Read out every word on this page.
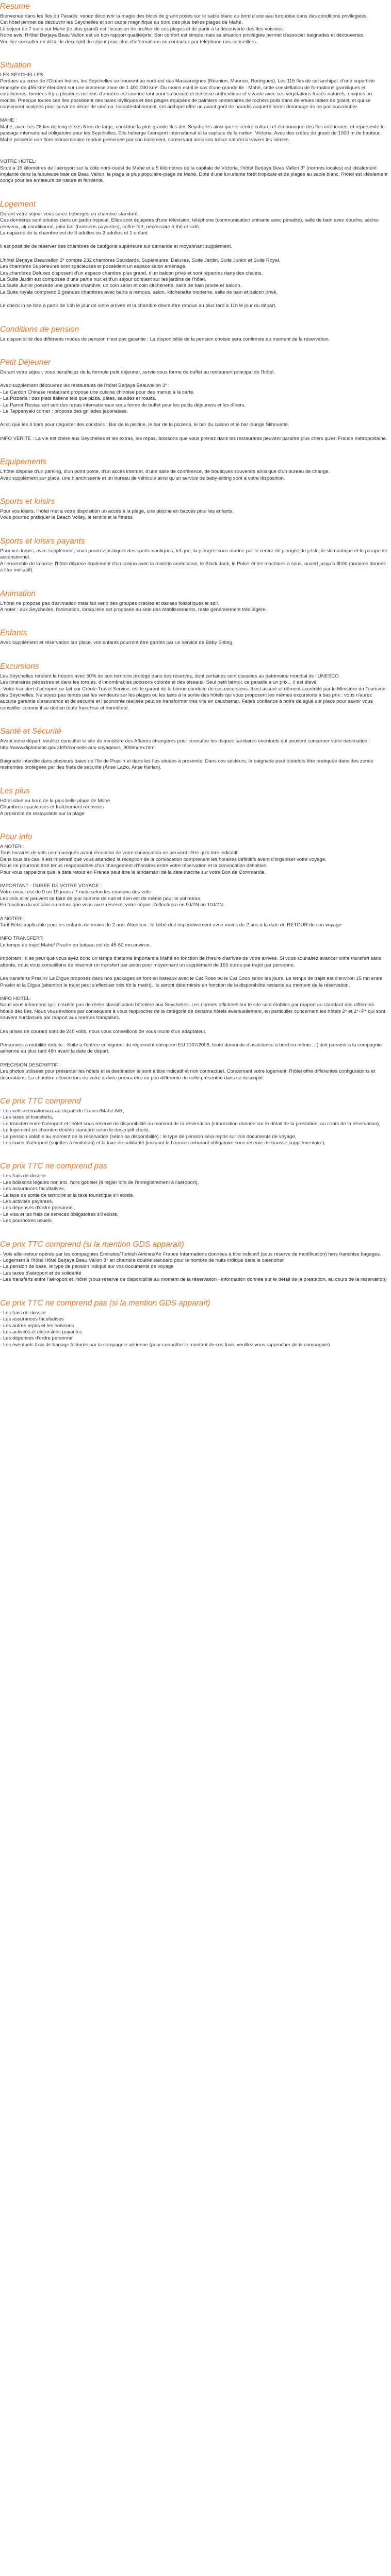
Resume
Bienvenue dans les îles du Paradis: venez découvrir la magie des blocs de granit posés sur le sable blanc au bord d'une eau turquoise dans des conditions privilégiées.
Cet hôtel permet de découvrir les Seychelles et son cadre magnifique au bord des plus belles plages de Mahé.
Le séjour de 7 nuits sur Mahé (le plus grand) est l'occasion de profiter de ces plages et de partir à la découverte des îles voisines.
Notre avis: l'Hôtel Berjaya Beau Vallon est un bon rapport qualité/prix. Son confort est simple mais sa situation privilégiée permet d'associer baignades et découvertes.
Veuillez consulter en détail le descriptif du séjour pour plus d'informations ou contactez par téléphone nos conseillers.
Situation
LES SEYCHELLES :
Perdues au cœur de l'Océan Indien, les Seychelles se trouvent au nord-est des Mascareignes (Réunion, Maurice, Rodrigues). Les 115 îles de cet archipel, d'une superficie émergée de 455 km² étendent sur une immense zone de 1 400 000 km². Du moins est-il le cas d'une grande île : Mahé, cette constellation de formations granitiques et coralliennes, formées il y a plusieurs millions d'années est connue tant pour sa beauté et richesse authentique et vivante avec ses végétations tracés naturels, uniques au monde. Presque toutes ces îles possèdent des baies idylliques et des plages équipées de palmiers centenaires de rochers polis dans de vraies tables de granit, et qui se conservent sculptés pour servir de décor de cinéma. Incontestablement, cet archipel offre un avant goût de paradis auquel il serait dommage de ne pas succomber.
MAHE :
Mahé, avec ses 28 km de long et ses 8 km de large, constitue la plus grande îles des Seychelles ainsi que le centre culturel et économique des îles intérieures, et représente le passage international obligatoire pour les Seychelles. Elle héberge l'aéroport international et la capitale de la nation, Victoria. Avec des crêtes de granit de 1000 m de hauteur, Mahé possède une flore extraordinaire rendue préservée par son isolement, conservant ainsi son trésor naturel à travers les siècles.
VOTRE HOTEL:
Situé à 15 kilomètres de l'aéroport sur la côte nord-ouest de Mahé et à 5 kilomètres de la capitale de Victoria, l'hôtel Berjaya Beau Vallon 3* (normes locales) est idéalement implanté dans la fabuleuse baie de Beau Vallon, la plage la plus populaire-plage de Mahé. Doté d'une luxuriante forêt tropicale et de plages au sable blanc, l'hôtel est idéalement conçu pour les amateurs de nature et farniente.
Logement
Durant votre séjour vous serez hébergés en chambre standard.
Ces dernières sont situées dans un jardin tropical. Elles sont équipées d'une télévision, téléphone (communication entrante avec pénalité), salle de bain avec douche, sèche-cheveux, air conditionné, mini-bar (boissons payantes), coffre-fort, nécessaire à thé et café.
La capacité de la chambre est de 3 adultes ou 2 adultes et 1 enfant.
Il est possible de réserver des chambres de catégorie supérieure sur demande et moyennant supplément.
L'hôtel Berjaya Beauvallon 3* compte 232 chambres Standards, Supérieures, Deluxes, Suite Jardin, Suite Junior et Suite Royal.
Les chambres Supérieures sont spacieuses et possèdent un espace salon aménagé.
Les chambres Deluxes disposent d'un espace chambre plus grand, d'un balcon privé et sont réparties dans des chalets.
La Suite Jardin est composée d'une partie nuit et d'un séjour donnant sur les jardins de l'hôtel.
La Suite Junior possède une grande chambre, un coin salon et coin kitchenette, salle de bain privée et balcon.
La Suite royale comprend 2 grandes chambres avec bains à remous, salon, kitchenette moderne, salle de bain et balcon privé.
Le check in se fera à partir de 14h le jour de votre arrivée et la chambre devra être rendue au plus tard à 11h le jour du départ.
Conditions de pension
La disponibilité des différents modes de pension n'est pas garantie : La disponibilité de la pension choisie sera confirmée au moment de la réservation.
Petit Déjeuner
Durant votre séjour, vous bénéficiez de la formule petit déjeuner, servie sous forme de buffet au restaurant principal de l'hôtel.
Avec supplément découvrez les restaurants de l'hôtel Berjaya Beauvallon 3* :
- Le Cardon Chinese restaurant propose une cuisine chinoise pour des menus à la carte.
- La Pizzeria : des plats italiens tels que pizza, pâtes, salades et roasts.
- Le Parrot Restaurant sert des repas internationaux sous forme de buffet pour les petits déjeuners et les dîners.
- Le Tappanyaki corner : propose des grillades japonaises.
Ainsi que les 4 bars pour déguster des cocktails : Bar de la piscine, le bar de la pizzeria, le bar du casino et le bar lounge Silhouette.
INFO VERITE : La vie est chère aux Seychelles et les extras, les repas, boissons que vous prenez dans les restaurants peuvent paraître plus chers qu'en France métropolitaine.
Equipements
L'hôtel dispose d'un parking, d'un point poste, d'un accès internet, d'une salle de conférence, de boutiques souvenirs ainsi que d'un bureau de change.
Avec supplément sur place, une blanchisserie et un bureau de véhicule ainsi qu'un service de baby-sitting sont à votre disposition.
Sports et loisirs
Pour vos loisirs, l'hôtel met à votre disposition un accès à la plage, une piscine en baccès pour les enfants.
Vous pourrez pratiquer le Beach Volley, le tennis et le fitness.
Sports et loisirs payants
Pour vos loisirs, avec supplément, vous pourrez pratiquer des sports nautiques, tel que, la plongée sous marine par le centre de plongée, le jetski, le ski nautique et le parapente ascensionnel.
A l'ensemble de la base, l'hôtel dispose également d'un casino avec la roulette américaine, le Black Jack, le Poker et les machines à sous, ouvert jusqu'à 3h00 (horaires donnés à titre indicatif).
Animation
L'hôtel ne propose pas d'animation mais fait venir des groupes créoles et danses folkloriques le soir.
A noter : aux Seychelles, l'animation, lorsqu'elle est proposée au sein des établissements, reste généralement très légère.
Enfants
Avec supplément et réservation sur place, vos enfants pourront être gardés par un service de Baby Sitting.
Excursions
Les Seychelles rendent le trésors avec 50% de son territoire protégé dans des réserves, dont certaines sont classées au patrimoine mondial de l'UNESCO.
Les itinéraires pédestres et dans les tortues, d'innombrables poissons colorés et des oiseaux. Seul petit bémol, ce paradis a un prix... il est élevé.
- Votre transfert d'aéroport se fait par Créole Travel Service, est le garant de la bonne conduite de ces excursions. Il est assuré et dûment accrédité par le Ministère du Tourisme des Seychelles. Ne soyez pas tentés par les vendeurs sur les plages ou les taxis à la sortie des hôtels qui vous proposent les mêmes excursions à bas prix : vous n'aurez aucune garantie d'assurance et de sécurité et l'économie réalisée peut se transformer très vite en cauchemar. Faites confiance à notre délégué sur place pour savoir vous conseiller comme il se doit en toute franchise et honnêteté.
Santé et Sécurité
Avant votre départ, veuillez consulter le site du ministère des Affaires étrangères pour connaître les risques sanitaires éventuels qui peuvent concerner votre destination : http://www.diplomatie.gouv.fr/fr/conseils-aux-voyageurs_909/index.html
Baignade interdite dans plusieurs baies de l'île de Praslin et dans les îles situées à proximité. Dans ces secteurs, la baignade peut toutefois être pratiquée dans des zones restreintes protégées par des filets de sécurité (Anse Lazio, Anse Kerlan).
Les plus
Hôtel situé au bord de la plus belle plage de Mahé
Chambres spacieuses et fraîchement rénovées
A proximité de restaurants sur la plage
Pour info
A NOTER :
Tous horaires de vols communiqués avant réception de votre convocation ne peuvent l'être qu'à titre indicatif.
Dans tous les cas, il est impératif que vous attendiez la réception de la convocation comprenant les horaires définitifs avant d'organiser votre voyage.
Nous ne pourrons être tenus responsables d'un changement d'horaires entre votre réservation et la convocation définitive.
Pour vous rappelons que la date retour en France peut être le lendemain de la date inscrite sur votre Bon de Commande.
IMPORTANT - DUREE DE VOTRE VOYAGE :
Votre circuit est de 9 ou 10 jours / 7 nuits selon les rotations des vols.
Les vols aller peuvent se faire de jour comme de nuit et il en est de même pour le vol retour.
En fonction du vol aller ou retour que vous avez réservé, votre séjour s'effectuera en 9J/7N ou 10J/7N.
A NOTER :
Tarif Bébé applicable pour les enfants de moins de 2 ans. Attention : le bébé doit impérativement avoir moins de 2 ans à la date du RETOUR de son voyage.
INFO TRANSFERT:
Le temps de trajet Mahé/ Praslin en bateau est de 45-60 mn environ.
Important : Il se peut que vous ayez donc un temps d'attente important à Mahé en fonction de l'heure d'arrivée de votre arrivée. Si vous souhaitez avancer votre transfert sans attente, nous vous conseillons de réserver un transfert par avion pour moyennant un supplément de 150 euros par trajet par personne.
Les transferts Praslin/ La Digue proposés dans nos packages se font en bateaux avec le Cat Rose ou le Cat Coco selon les jours. Le temps de trajet est d'environ 15 mn entre Praslin et la Digue (attention le trajet peut s'effectuer très tôt le matin). Ils seront déterminés en fonction de la disponibilité restante au moment de la réservation.
INFO HOTEL:
Nous vous informons qu'il n'existe pas de réelle classification hôtelière aux Seychelles. Les normes affichées sur le site sont établies par rapport au standard des différents hôtels des îles. Nous vous invitons par conséquent à vous rapprocher de la catégorie de certains hôtels éventuellement, en particulier concernant les hôtels 2* et 2*+P* qui sont souvent surclassés par rapport aux normes françaises.
Les prises de courant sont de 240 volts, nous vous conseillons de vous munir d'un adaptateur.
Personnes à mobilité réduite : Suite à l'entrée en vigueur du règlement européen EU 1107/2006, toute demande d'assistance à bord ou même... ( doit parvenir à la compagnie aérienne au plus tard 48h avant la date de départ.
PRECISION DESCRIPTIF :
Les photos utilisées pour présenter les hôtels et la destination le sont à titre indicatif et non contractuel. Concernant votre logement, l'hôtel offre différentes configurations et décorations. La chambre allouée lors de votre arrivée pourra être un peu différente de celle présentée dans ce descriptif.
Ce prix TTC comprend
- Les vols internationaux au départ de France/Mahé A/R,
- Les taxes et transferts,
- Le transfert entre l'aéroport et l'hôtel sous réserve de disponibilité au moment de la réservation (information donnée sur le détail de la prestation, au cours de la réservation),
- Le logement en chambre double standard selon le descriptif choisi,
- La pension valable au moment de la réservation (selon sa disponibilité) : le type de pension sera repris sur vos documents de voyage,
- Les taxes d'aéroport (sujettes à évolution) et la taxe de solidarité (incluant la hausse carburant obligatoire sous réserve de hausse supplémentaire).
Ce prix TTC ne comprend pas
- Les frais de dossier
- Les boissons légales non incl. hors gobelet (à régler lors de l'enregistrement à l'aéroport),
- Les assurances facultatives,
- La taxe de sortie de territoire et la taxe touristique s'il existe,
- Les activités payantes,
- Les dépenses d'ordre personnel,
- Le visa et les frais de services obligatoires s'il existe,
- Les pourboires usuels.
Ce prix TTC comprend (si la mention GDS apparait)
- Vols aller-retour opérés par les compagnies Emirates/Turkish Airlines/Air France Informations données à titre indicatif (sous réserve de modification) hors franchise bagages.
- Logement à l'hôtel Hôtel Berjaya Beau Vallon 3* en chambre double standard pour le nombre de nuits indiqué dans le calendrier
- La pension de base, le type de pension indiqué sur vos documents de voyage
- Les taxes d'aéroport et de solidarité
- Les transferts entre l'aéroport et l'hôtel (sous réserve de disponibilité au moment de la réservation - information donnée sur le détail de la prestation, au cours de la réservation)
Ce prix TTC ne comprend pas (si la mention GDS apparait)
- Les frais de dossier
- Les assurances facultatives
- Les autres repas et les boissons
- Les activités et excursions payantes
- Les dépenses d'ordre personnel
- Les éventuels frais de bagage facturés par la compagnie aérienne (pour connaître le montant de ces frais, veuillez vous rapprocher de la compagnie)
